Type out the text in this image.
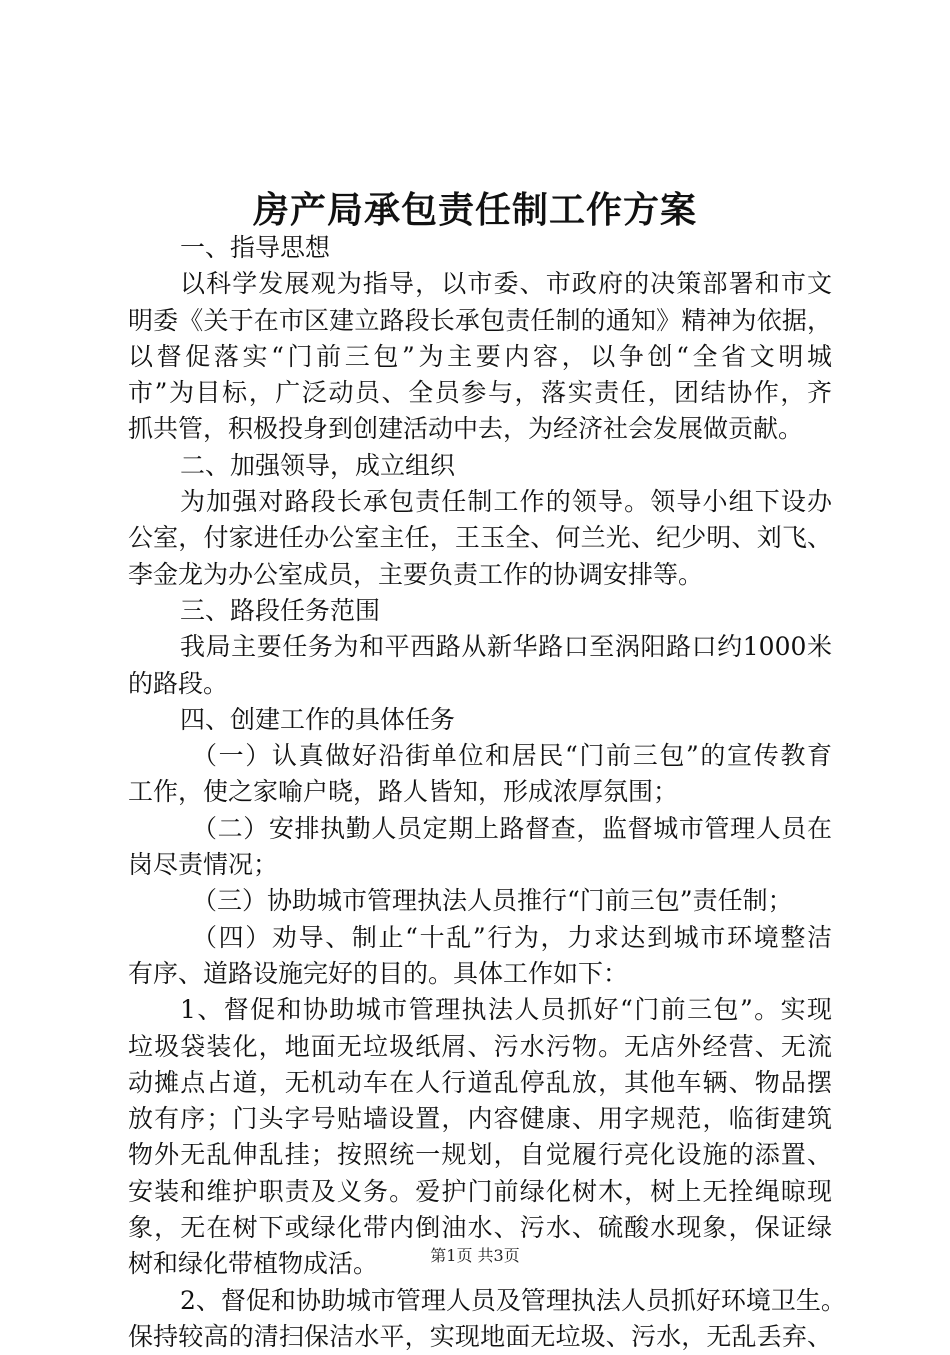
房产局承包责任制工作方案
一、指导思想
以科学发展观为指导，以市委、市政府的决策部署和市文
明委《关于在市区建立路段长承包责任制的通知》精神为依据，
以督促落实“门前三包”为主要内容，以争创“全省文明城
市”为目标，广泛动员、全员参与，落实责任，团结协作，齐
抓共管，积极投身到创建活动中去，为经济社会发展做贡献。
二、加强领导，成立组织
为加强对路段长承包责任制工作的领导。领导小组下设办
公室，付家进任办公室主任，王玉全、何兰光、纪少明、刘飞、
李金龙为办公室成员，主要负责工作的协调安排等。
三、路段任务范围
我局主要任务为和平西路从新华路口至涡阳路口约1000米
的路段。
四、创建工作的具体任务
（一）认真做好沿街单位和居民“门前三包”的宣传教育
工作，使之家喻户晓，路人皆知，形成浓厚氛围；
（二）安排执勤人员定期上路督查，监督城市管理人员在
岗尽责情况；
（三）协助城市管理执法人员推行“门前三包”责任制；
（四）劝导、制止“十乱”行为，力求达到城市环境整洁
有序、道路设施完好的目的。具体工作如下：
1、督促和协助城市管理执法人员抓好“门前三包”。实现
垃圾袋装化，地面无垃圾纸屑、污水污物。无店外经营、无流
动摊点占道，无机动车在人行道乱停乱放，其他车辆、物品摆
放有序；门头字号贴墙设置，内容健康、用字规范，临街建筑
物外无乱伸乱挂；按照统一规划，自觉履行亮化设施的添置、
安装和维护职责及义务。爱护门前绿化树木，树上无拴绳晾现
象，无在树下或绿化带内倒油水、污水、硫酸水现象，保证绿
树和绿化带植物成活。
2、督促和协助城市管理人员及管理执法人员抓好环境卫生。
保持较高的清扫保洁水平，实现地面无垃圾、污水，无乱丢弃、
第1页 共3页
